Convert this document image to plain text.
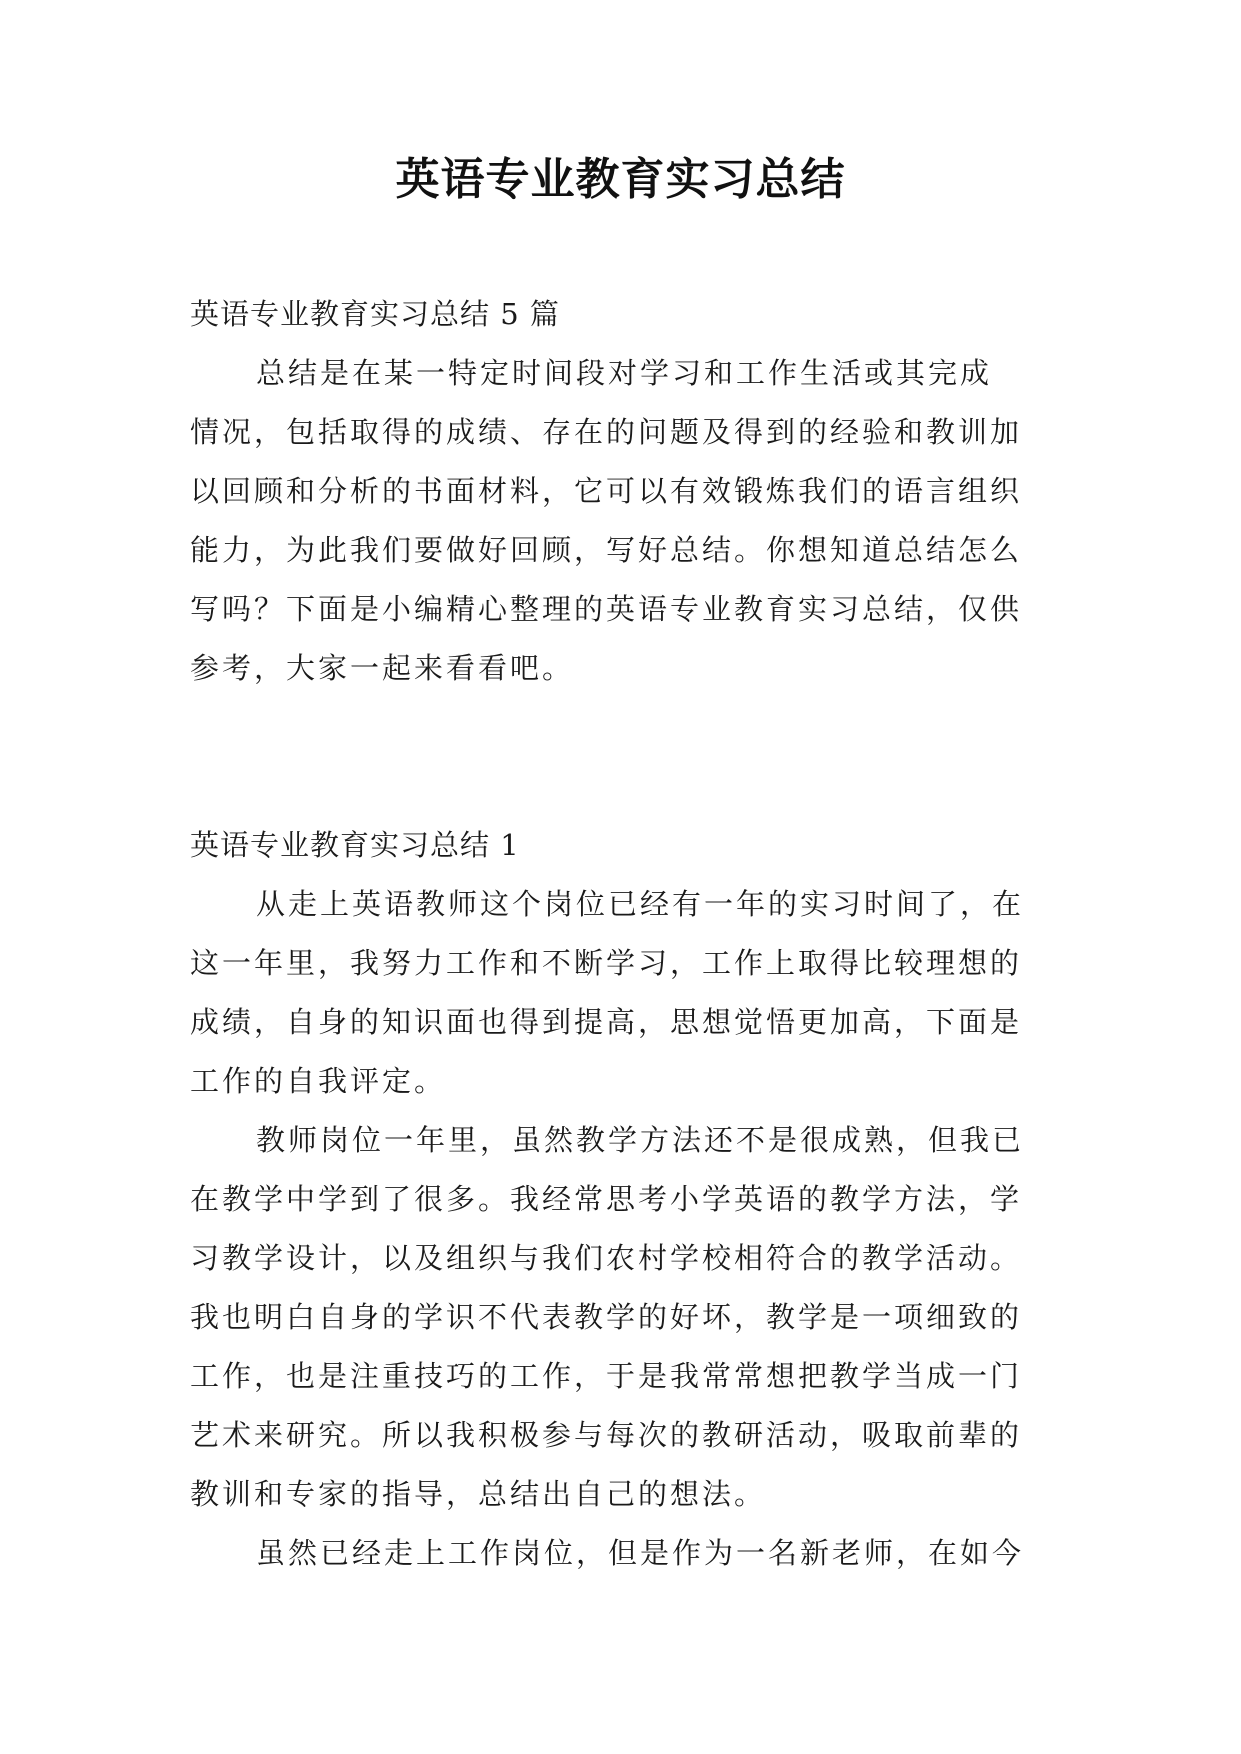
英语专业教育实习总结
英语专业教育实习总结 5 篇
总结是在某一特定时间段对学习和工作生活或其完成
情况，包括取得的成绩、存在的问题及得到的经验和教训加
以回顾和分析的书面材料，它可以有效锻炼我们的语言组织
能力，为此我们要做好回顾，写好总结。你想知道总结怎么
写吗？下面是小编精心整理的英语专业教育实习总结，仅供
参考，大家一起来看看吧。
英语专业教育实习总结 1
从走上英语教师这个岗位已经有一年的实习时间了，在
这一年里，我努力工作和不断学习，工作上取得比较理想的
成绩，自身的知识面也得到提高，思想觉悟更加高，下面是
工作的自我评定。
教师岗位一年里，虽然教学方法还不是很成熟，但我已
在教学中学到了很多。我经常思考小学英语的教学方法，学
习教学设计，以及组织与我们农村学校相符合的教学活动。
我也明白自身的学识不代表教学的好坏，教学是一项细致的
工作，也是注重技巧的工作，于是我常常想把教学当成一门
艺术来研究。所以我积极参与每次的教研活动，吸取前辈的
教训和专家的指导，总结出自己的想法。
虽然已经走上工作岗位，但是作为一名新老师，在如今
